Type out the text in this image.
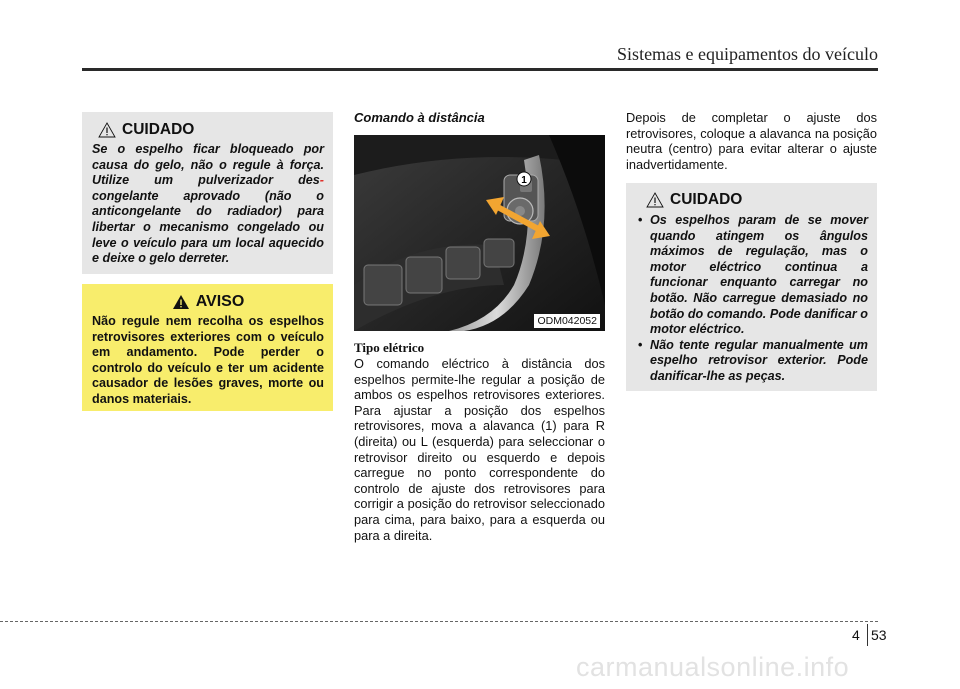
Sistemas e equipamentos do veículo
CUIDADO
Se o espelho ficar bloqueado por causa do gelo, não o regule à força. Utilize um pulverizador des- congelante aprovado (não o anticongelante do radiador) para libertar o mecanismo congelado ou leve o veículo para um local aquecido e deixe o gelo derreter.
AVISO
Não regule nem recolha os espelhos retrovisores exteriores com o veículo em andamento. Pode perder o controlo do veículo e ter um acidente causador de lesões graves, morte ou danos materiais.
Comando à distância
1
ODM042052
Tipo elétrico
O comando eléctrico à distância dos espelhos permite-lhe regular a posição de ambos os espelhos retrovisores exteriores. Para ajustar a posição dos espelhos retrovisores, mova a alavanca (1) para R (direita) ou L (esquerda) para seleccionar o retrovisor direito ou esquerdo e depois carregue no ponto correspondente do controlo de ajuste dos retrovisores para corrigir a posição do retrovisor seleccionado para cima, para baixo, para a esquerda ou para a direita.
Depois de completar o ajuste dos retrovisores, coloque a alavanca na posição neutra (centro) para evitar alterar o ajuste inadvertidamente.
CUIDADO
• Os espelhos param de se mover quando atingem os ângulos máximos de regulação, mas o motor eléctrico continua a funcionar enquanto carregar no botão. Não carregue demasiado no botão do comando. Pode danificar o motor eléctrico.
• Não tente regular manualmente um espelho retrovisor exterior. Pode danificar-lhe as peças.
4 53
carmanualsonline.info
